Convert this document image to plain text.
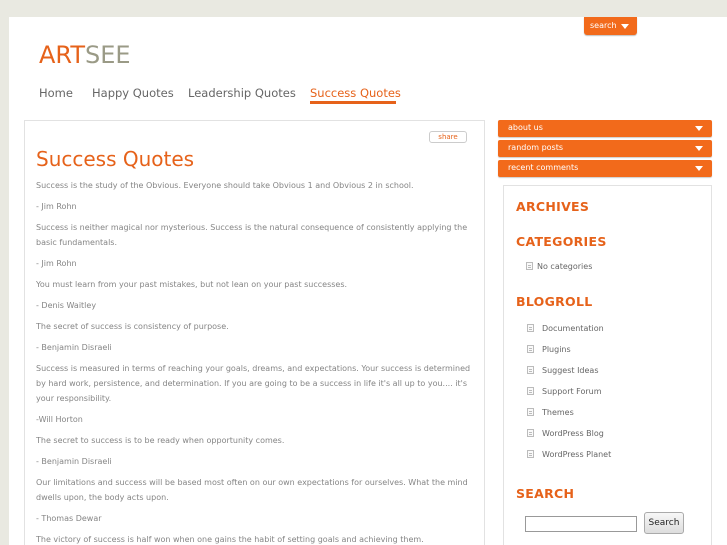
search
ARTSEE
Home Happy Quotes Leadership Quotes Success Quotes
share
Success Quotes

Success is the study of the Obvious. Everyone should take Obvious 1 and Obvious 2 in school.

- Jim Rohn

Success is neither magical nor mysterious. Success is the natural consequence of consistently applying the basic fundamentals.

- Jim Rohn

You must learn from your past mistakes, but not lean on your past successes.

- Denis Waitley

The secret of success is consistency of purpose.

- Benjamin Disraeli

Success is measured in terms of reaching your goals, dreams, and expectations. Your success is determined by hard work, persistence, and determination. If you are going to be a success in life it's all up to you.... it's your responsibility.

-Will Horton

The secret to success is to be ready when opportunity comes.

- Benjamin Disraeli

Our limitations and success will be based most often on our own expectations for ourselves. What the mind dwells upon, the body acts upon.

- Thomas Dewar

The victory of success is half won when one gains the habit of setting goals and achieving them.

about us
random posts
recent comments
ARCHIVES
CATEGORIES
No categories
BLOGROLL
Documentation
Plugins
Suggest Ideas
Support Forum
Themes
WordPress Blog
WordPress Planet
SEARCH
Search
